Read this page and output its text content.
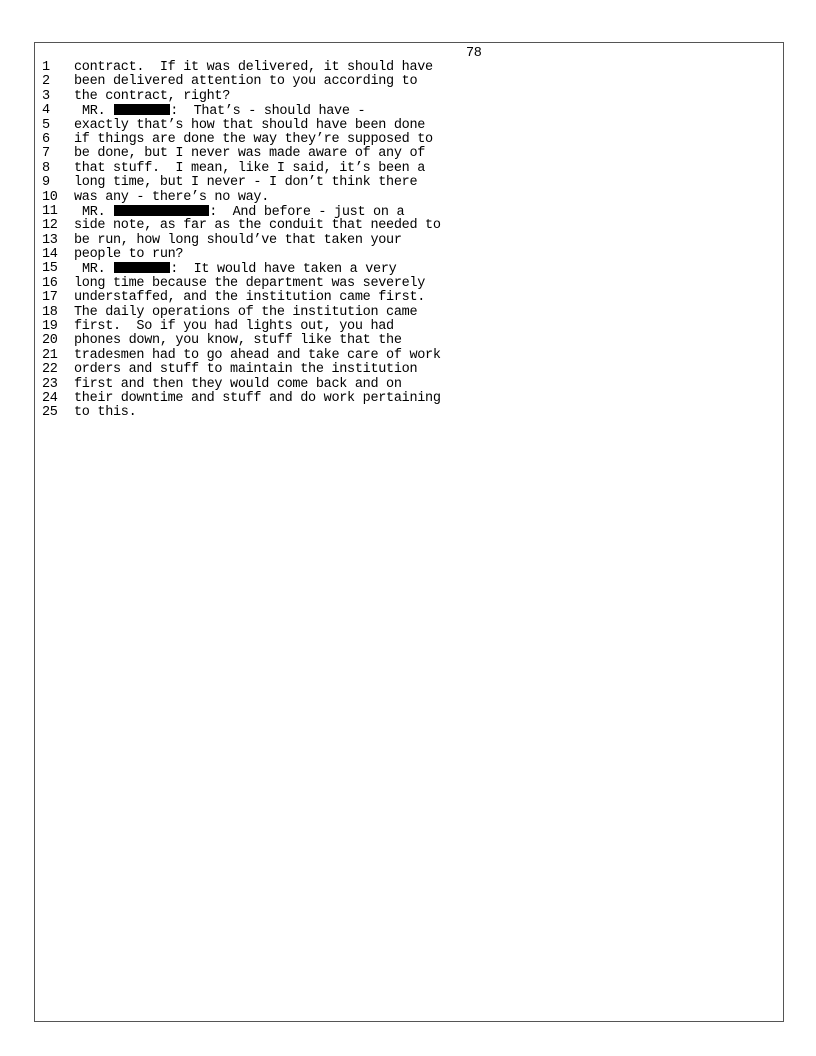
78
1	contract.  If it was delivered, it should have
2	been delivered attention to you according to
3	the contract, right?
4	MR.	:  That’s - should have -
5	exactly that’s how that should have been done
6	if things are done the way they’re supposed to
7	be done, but I never was made aware of any of
8	that stuff.  I mean, like I said, it’s been a
9	long time, but I never - I don’t think there
10	was any - there’s no way.
11	MR.	:  And before - just on a
12	side note, as far as the conduit that needed to
13	be run, how long should’ve that taken your
14	people to run?
15	MR.	:  It would have taken a very
16	long time because the department was severely
17	understaffed, and the institution came first.
18	The daily operations of the institution came
19	first.  So if you had lights out, you had
20	phones down, you know, stuff like that the
21	tradesmen had to go ahead and take care of work
22	orders and stuff to maintain the institution
23	first and then they would come back and on
24	their downtime and stuff and do work pertaining
25	to this.
